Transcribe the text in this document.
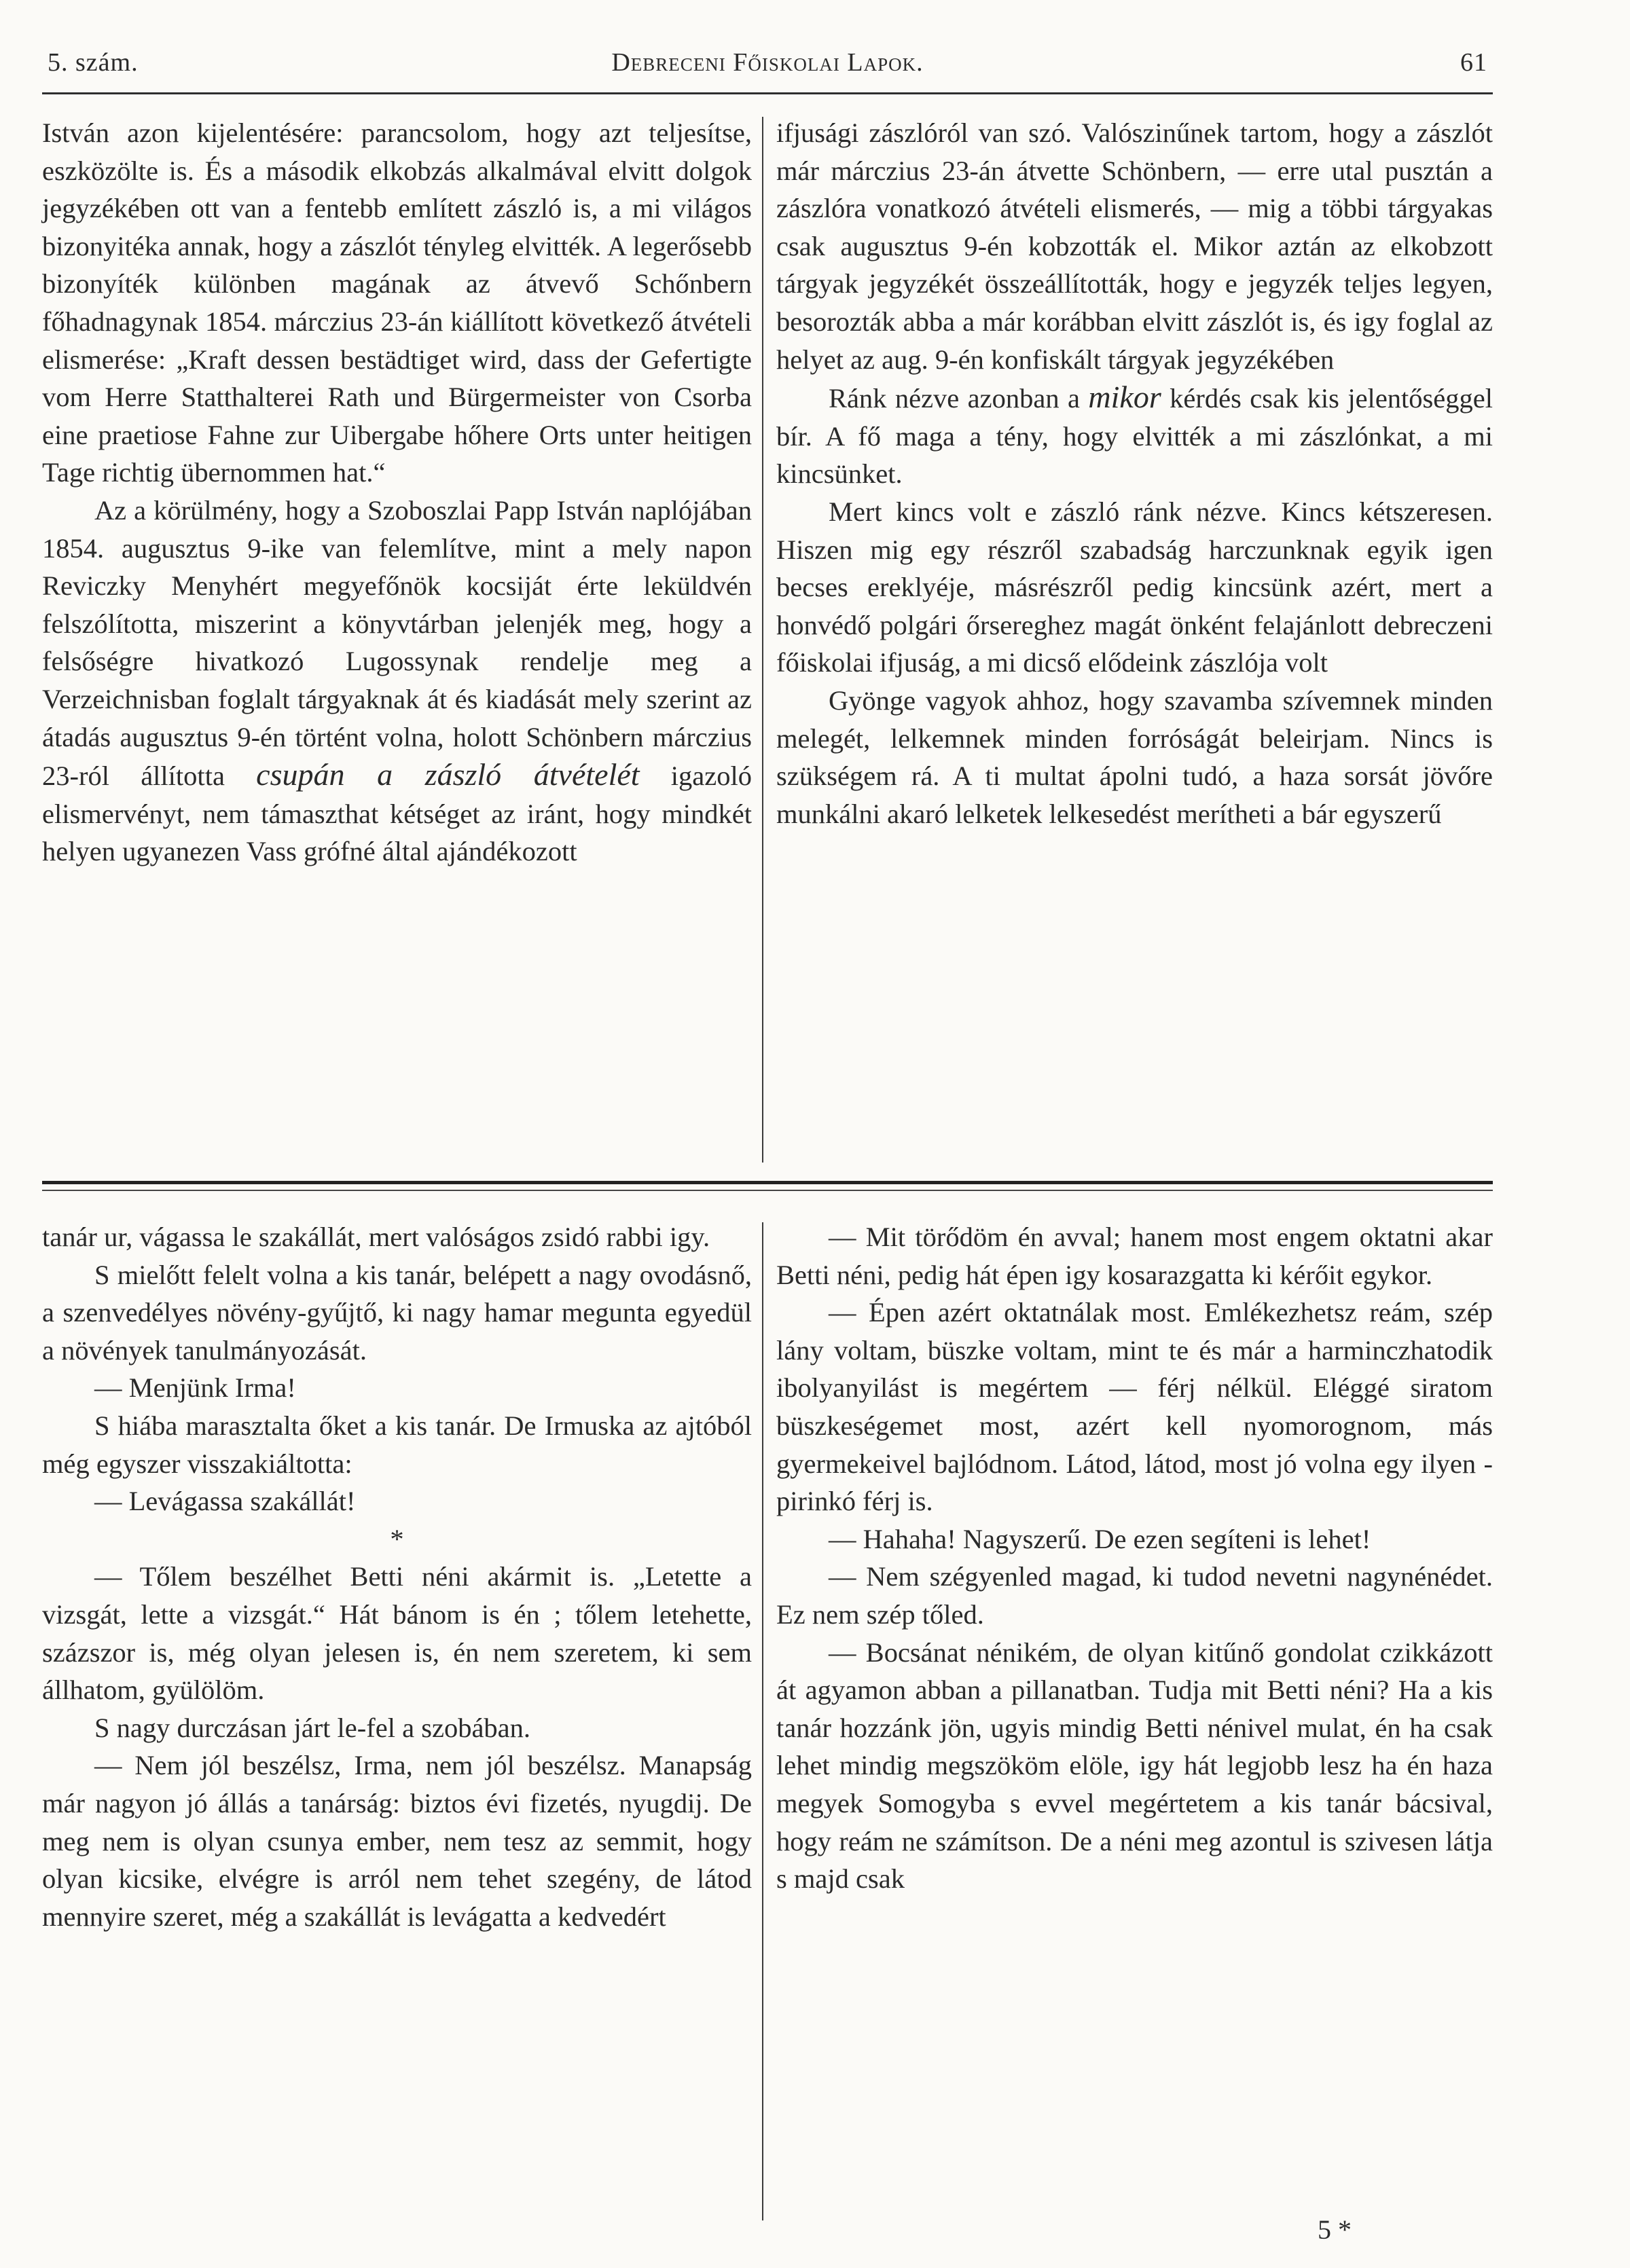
5. szám.	Debreceni Főiskolai Lapok.	61

István azon kijelentésére: parancsolom, hogy azt teljesítse, eszközölte is. És a második elkobzás alkalmával elvitt dolgok jegyzékében ott van a fentebb említett zászló is, a mi világos bizonyitéka annak, hogy a zászlót tényleg elvitték. A legerősebb bizonyíték különben magának az átvevő Schőnbern főhadnagynak 1854. márczius 23-án kiállított következő átvételi elismerése: „Kraft dessen bestädtiget wird, dass der Gefertigte vom Herre Statthalterei Rath und Bürgermeister von Csorba eine praetiose Fahne zur Uibergabe hőhere Orts unter heitigen Tage richtig übernommen hat.“

Az a körülmény, hogy a Szoboszlai Papp István naplójában 1854. augusztus 9-ike van felemlítve, mint a mely napon Reviczky Menyhért megyefőnök kocsiját érte leküldvén felszólította, miszerint a könyvtárban jelenjék meg, hogy a felsőségre hivatkozó Lugossynak rendelje meg a Verzeichnisban foglalt tárgyaknak át és kiadását mely szerint az átadás augusztus 9-én történt volna, holott Schönbern márczius 23-ról állította csupán a zászló átvételét igazoló elismervényt, nem támaszthat kétséget az iránt, hogy mindkét helyen ugyanezen Vass grófné által ajándékozott

ifjusági zászlóról van szó. Valószinűnek tartom, hogy a zászlót már márczius 23-án átvette Schönbern, — erre utal pusztán a zászlóra vonatkozó átvételi elismerés, — mig a többi tárgyakas csak augusztus 9-én kobzották el. Mikor aztán az elkobzott tárgyak jegyzékét összeállították, hogy e jegyzék teljes legyen, besorozták abba a már korábban elvitt zászlót is, és igy foglal az helyet az aug. 9-én konfiskált tárgyak jegyzékében

Ránk nézve azonban a mikor kérdés csak kis jelentőséggel bír. A fő maga a tény, hogy elvitték a mi zászlónkat, a mi kincsünket.

Mert kincs volt e zászló ránk nézve. Kincs kétszeresen. Hiszen mig egy részről szabadság harczunknak egyik igen becses ereklyéje, másrészről pedig kincsünk azért, mert a honvédő polgári őrsereghez magát önként felajánlott debreczeni főiskolai ifjuság, a mi dicső elődeink zászlója volt

Gyönge vagyok ahhoz, hogy szavamba szívemnek minden melegét, lelkemnek minden forróságát beleirjam. Nincs is szükségem rá. A ti multat ápolni tudó, a haza sorsát jövőre munkálni akaró lelketek lelkesedést merítheti a bár egyszerű

tanár ur, vágassa le szakállát, mert valóságos zsidó rabbi igy.

S mielőtt felelt volna a kis tanár, belépett a nagy ovodásnő, a szenvedélyes növény-gyűjtő, ki nagy hamar megunta egyedül a növények tanulmányozását.

— Menjünk Irma!

S hiába marasztalta őket a kis tanár. De Irmuska az ajtóból még egyszer visszakiáltotta:

— Levágassa szakállát!

*

— Tőlem beszélhet Betti néni akármit is. „Letette a vizsgát, lette a vizsgát.“ Hát bánom is én ; tőlem letehette, százszor is, még olyan jelesen is, én nem szeretem, ki sem állhatom, gyülölöm.

S nagy durczásan járt le-fel a szobában.

— Nem jól beszélsz, Irma, nem jól beszélsz. Manapság már nagyon jó állás a tanárság: biztos évi fizetés, nyugdij. De meg nem is olyan csunya ember, nem tesz az semmit, hogy olyan kicsike, elvégre is arról nem tehet szegény, de látod mennyire szeret, még a szakállát is levágatta a kedvedért

— Mit törődöm én avval; hanem most engem oktatni akar Betti néni, pedig hát épen igy kosarazgatta ki kérőit egykor.

— Épen azért oktatnálak most. Emlékezhetsz reám, szép lány voltam, büszke voltam, mint te és már a harminczhatodik ibolyanyilást is megértem — férj nélkül. Eléggé siratom büszkeségemet most, azért kell nyomorognom, más gyermekeivel bajlódnom. Látod, látod, most jó volna egy ilyen - pirinkó férj is.

— Hahaha! Nagyszerű. De ezen segíteni is lehet!

— Nem szégyenled magad, ki tudod nevetni nagynénédet. Ez nem szép tőled.

— Bocsánat nénikém, de olyan kitűnő gondolat czikkázott át agyamon abban a pillanatban. Tudja mit Betti néni? Ha a kis tanár hozzánk jön, ugyis mindig Betti nénivel mulat, én ha csak lehet mindig megszököm elöle, igy hát legjobb lesz ha én haza megyek Somogyba s evvel megértetem a kis tanár bácsival, hogy reám ne számítson. De a néni meg azontul is szivesen látja s majd csak

5 *
